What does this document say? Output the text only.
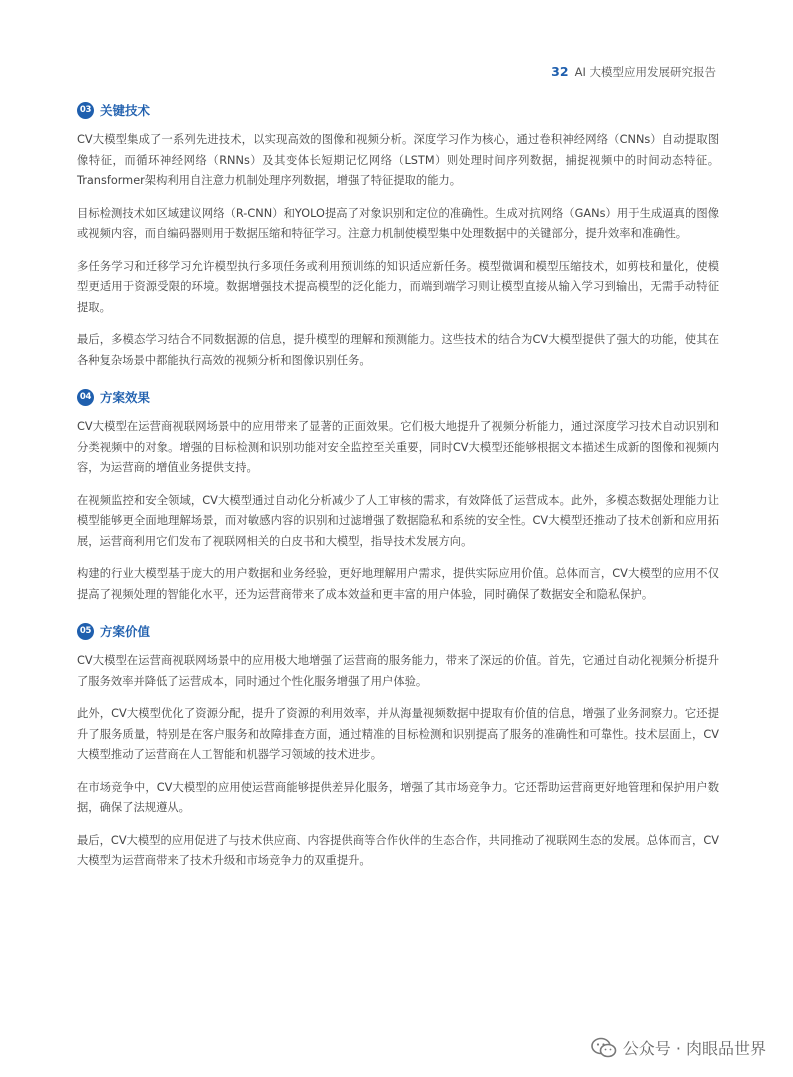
32 AI 大模型应用发展研究报告
03 关键技术

CV大模型集成了一系列先进技术，以实现高效的图像和视频分析。深度学习作为核心，通过卷积神经网络（CNNs）自动提取图像特征，而循环神经网络（RNNs）及其变体长短期记忆网络（LSTM）则处理时间序列数据，捕捉视频中的时间动态特征。Transformer架构利用自注意力机制处理序列数据，增强了特征提取的能力。

目标检测技术如区域建议网络（R-CNN）和YOLO提高了对象识别和定位的准确性。生成对抗网络（GANs）用于生成逼真的图像或视频内容，而自编码器则用于数据压缩和特征学习。注意力机制使模型集中处理数据中的关键部分，提升效率和准确性。

多任务学习和迁移学习允许模型执行多项任务或利用预训练的知识适应新任务。模型微调和模型压缩技术，如剪枝和量化，使模型更适用于资源受限的环境。数据增强技术提高模型的泛化能力，而端到端学习则让模型直接从输入学习到输出，无需手动特征提取。

最后，多模态学习结合不同数据源的信息，提升模型的理解和预测能力。这些技术的结合为CV大模型提供了强大的功能，使其在各种复杂场景中都能执行高效的视频分析和图像识别任务。

04 方案效果

CV大模型在运营商视联网场景中的应用带来了显著的正面效果。它们极大地提升了视频分析能力，通过深度学习技术自动识别和分类视频中的对象。增强的目标检测和识别功能对安全监控至关重要，同时CV大模型还能够根据文本描述生成新的图像和视频内容，为运营商的增值业务提供支持。

在视频监控和安全领域，CV大模型通过自动化分析减少了人工审核的需求，有效降低了运营成本。此外，多模态数据处理能力让模型能够更全面地理解场景，而对敏感内容的识别和过滤增强了数据隐私和系统的安全性。CV大模型还推动了技术创新和应用拓展，运营商利用它们发布了视联网相关的白皮书和大模型，指导技术发展方向。

构建的行业大模型基于庞大的用户数据和业务经验，更好地理解用户需求，提供实际应用价值。总体而言，CV大模型的应用不仅提高了视频处理的智能化水平，还为运营商带来了成本效益和更丰富的用户体验，同时确保了数据安全和隐私保护。

05 方案价值

CV大模型在运营商视联网场景中的应用极大地增强了运营商的服务能力，带来了深远的价值。首先，它通过自动化视频分析提升了服务效率并降低了运营成本，同时通过个性化服务增强了用户体验。

此外，CV大模型优化了资源分配，提升了资源的利用效率，并从海量视频数据中提取有价值的信息，增强了业务洞察力。它还提升了服务质量，特别是在客户服务和故障排查方面，通过精准的目标检测和识别提高了服务的准确性和可靠性。技术层面上，CV大模型推动了运营商在人工智能和机器学习领域的技术进步。

在市场竞争中，CV大模型的应用使运营商能够提供差异化服务，增强了其市场竞争力。它还帮助运营商更好地管理和保护用户数据，确保了法规遵从。

最后，CV大模型的应用促进了与技术供应商、内容提供商等合作伙伴的生态合作，共同推动了视联网生态的发展。总体而言，CV大模型为运营商带来了技术升级和市场竞争力的双重提升。

公众号 · 肉眼品世界
